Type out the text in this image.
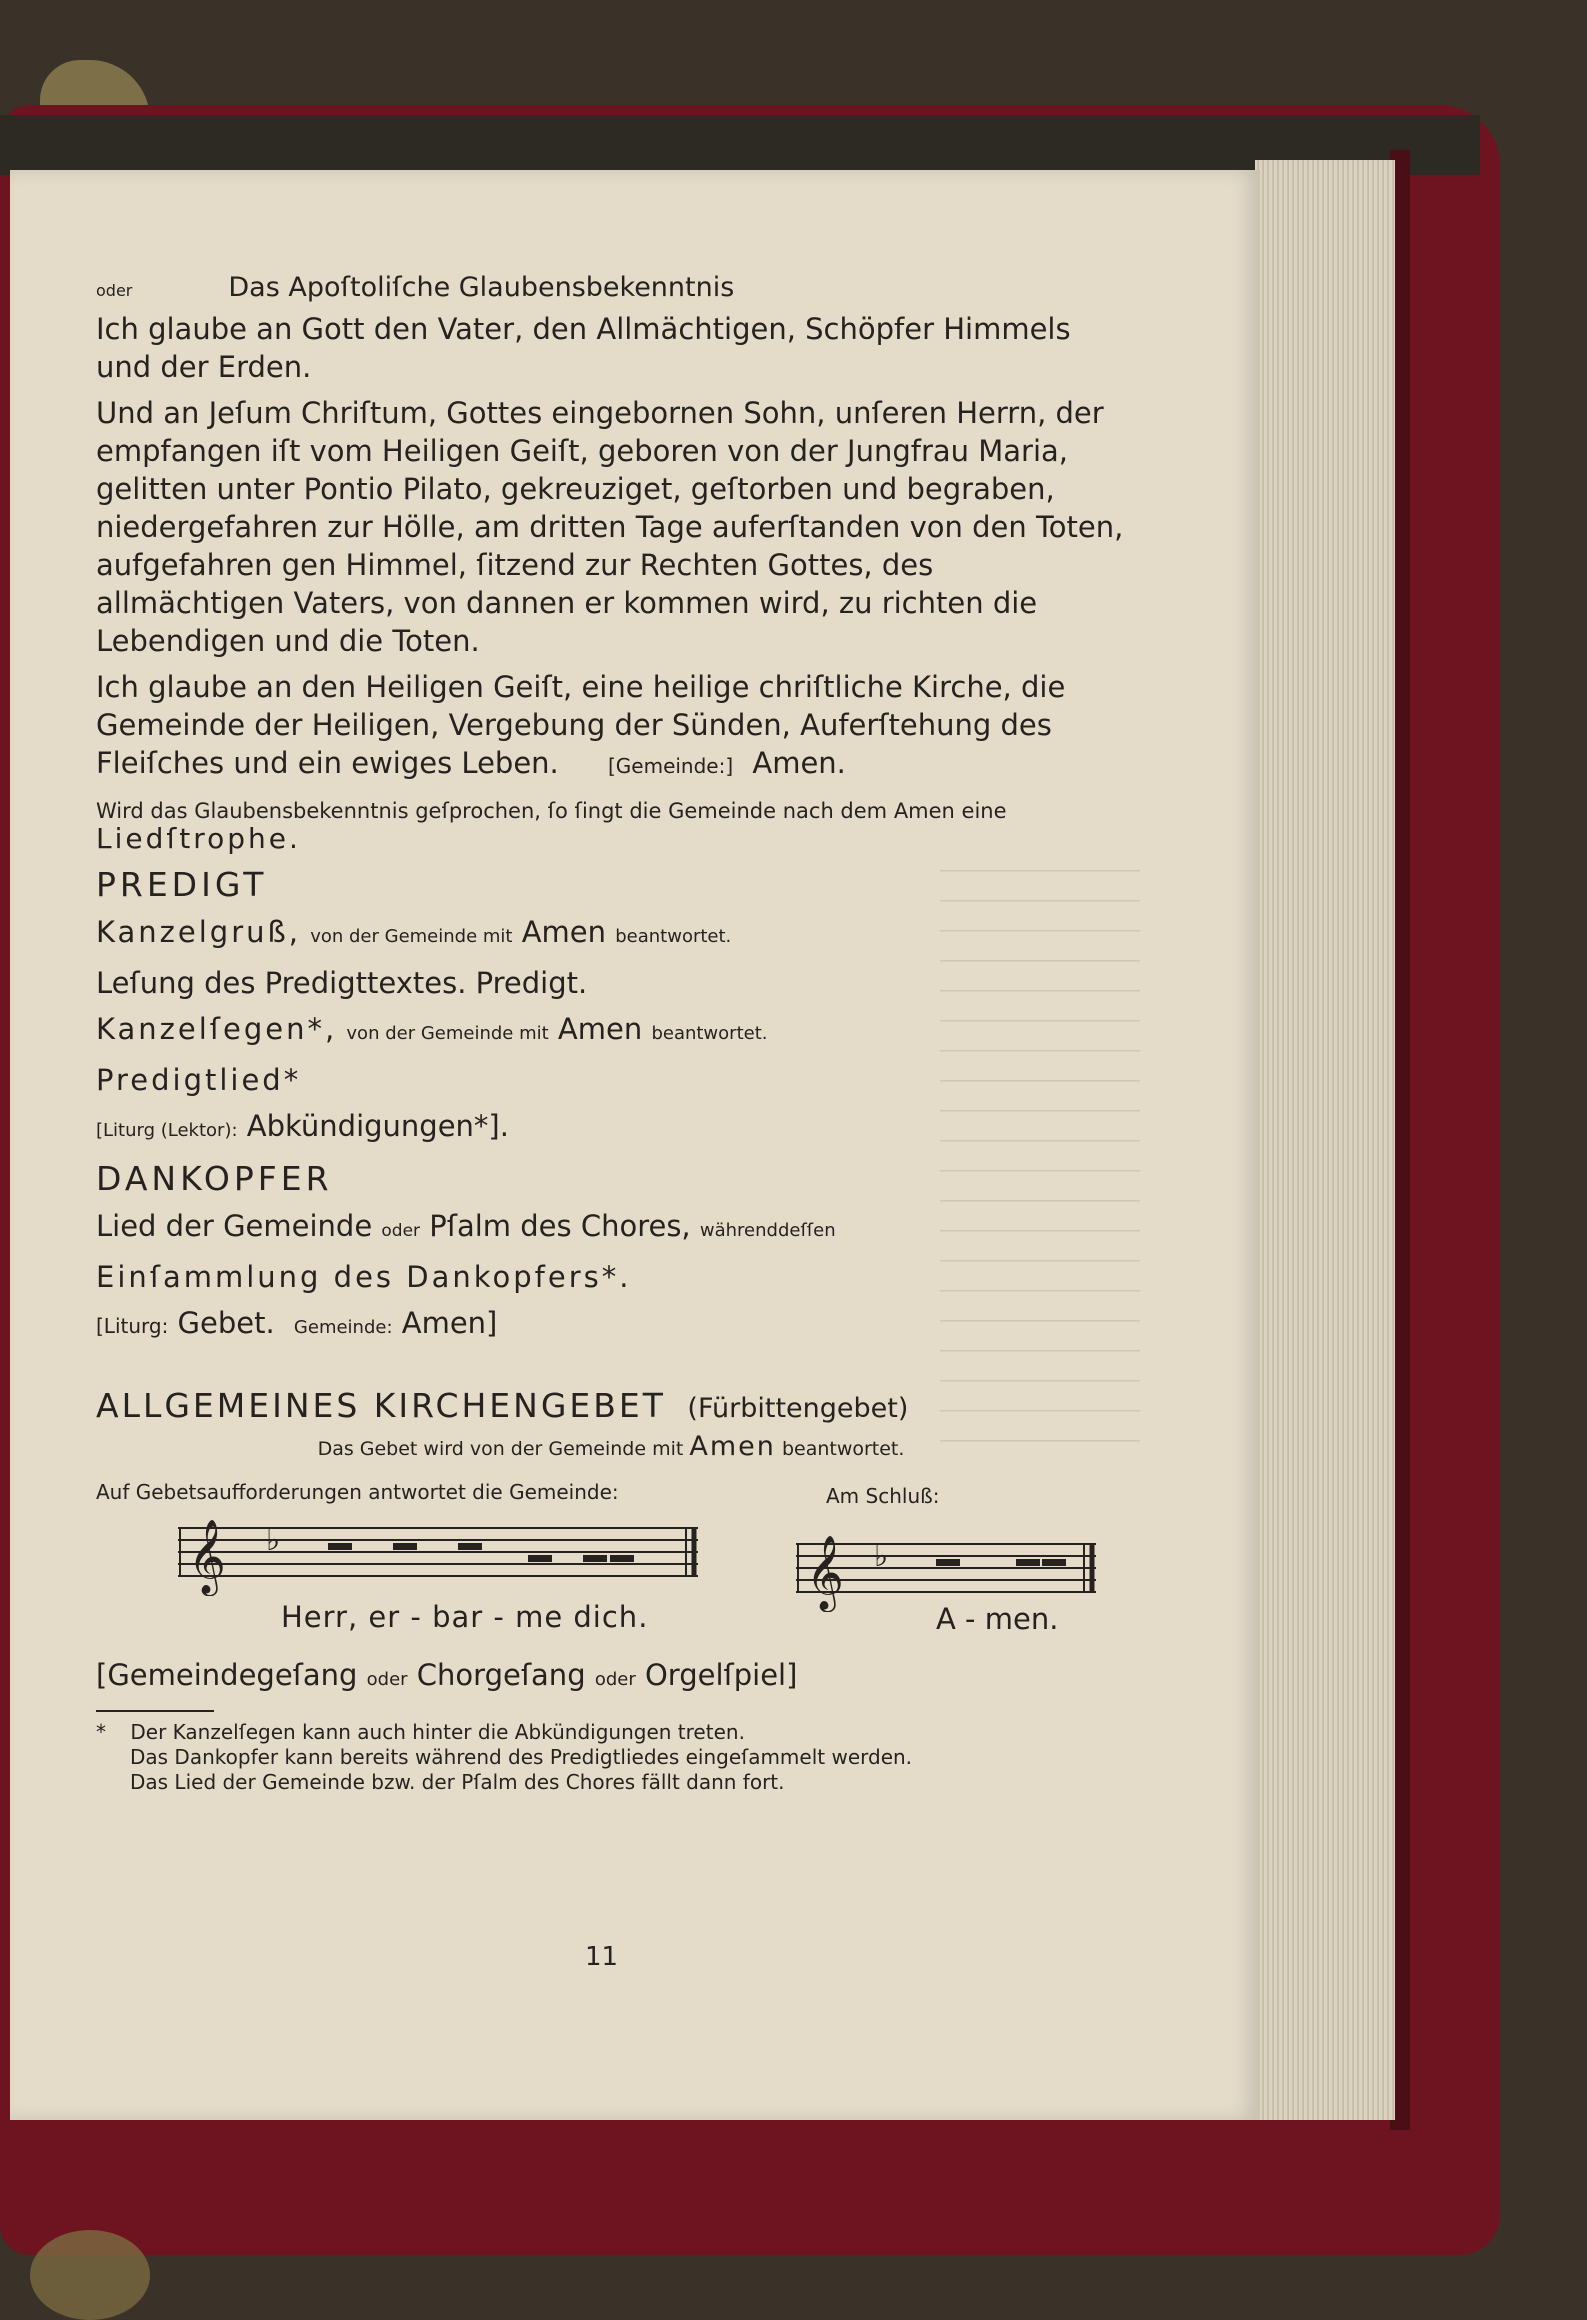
oder	Das Apoſtoliſche Glaubensbekenntnis

Ich glaube an Gott den Vater, den Allmächtigen, Schöpfer Himmels und der Erden.

Und an Jeſum Chriſtum, Gottes eingebornen Sohn, unſeren Herrn, der empfangen iſt vom Heiligen Geiſt, geboren von der Jungfrau Maria, gelitten unter Pontio Pilato, gekreuziget, geſtorben und begraben, niedergefahren zur Hölle, am dritten Tage auferſtanden von den Toten, aufgefahren gen Himmel, ſitzend zur Rechten Gottes, des allmächtigen Vaters, von dannen er kommen wird, zu richten die Lebendigen und die Toten.

Ich glaube an den Heiligen Geiſt, eine heilige chriſtliche Kirche, die Gemeinde der Heiligen, Vergebung der Sünden, Auferſtehung des Fleiſches und ein ewiges Leben. [Gemeinde:] Amen.

Wird das Glaubensbekenntnis geſprochen, ſo ſingt die Gemeinde nach dem Amen eine Liedſtrophe.
PREDIGT
Kanzelgruß, von der Gemeinde mit Amen beantwortet.
Leſung des Predigttextes. Predigt.
Kanzelſegen*, von der Gemeinde mit Amen beantwortet.
Predigtlied*
[Liturg (Lektor): Abkündigungen*].
DANKOPFER
Lied der Gemeinde oder Pſalm des Chores, währenddeſſen
Einſammlung des Dankopfers*.
[Liturg: Gebet. Gemeinde: Amen]
ALLGEMEINES KIRCHENGEBET (Fürbittengebet)
Das Gebet wird von der Gemeinde mit Amen beantwortet.
Auf Gebetsaufforderungen antwortet die Gemeinde:	Am Schluß:
𝄞 ♭	𝄞 ♭
Herr, er - bar - me dich.	A - men.
[Gemeindegeſang oder Chorgeſang oder Orgelſpiel]

* Der Kanzelſegen kann auch hinter die Abkündigungen treten.

Das Dankopfer kann bereits während des Predigtliedes eingeſammelt werden.

Das Lied der Gemeinde bzw. der Pſalm des Chores fällt dann fort.

11
